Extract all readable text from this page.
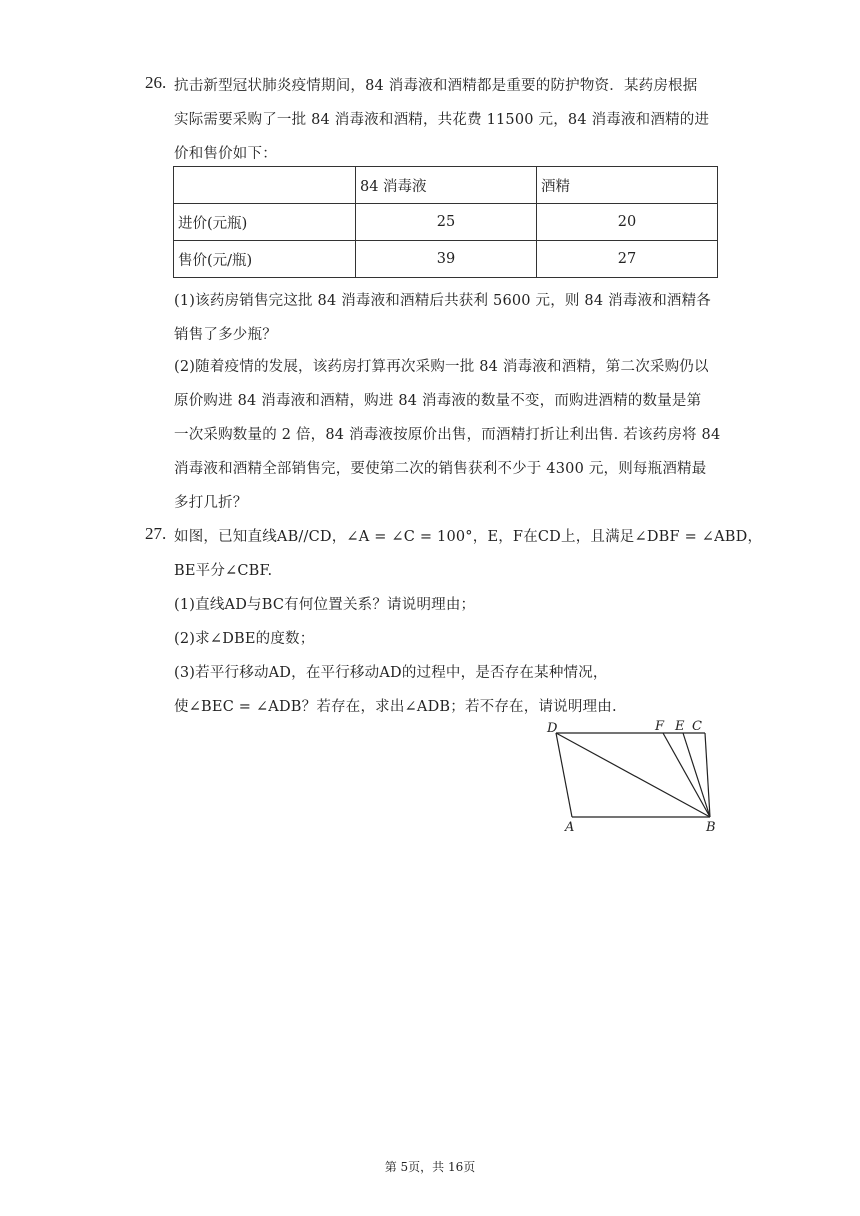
26. 抗击新型冠状肺炎疫情期间，84 消毒液和酒精都是重要的防护物资．某药房根据
实际需要采购了一批 84 消毒液和酒精，共花费 11500 元，84 消毒液和酒精的进
价和售价如下：
	84 消毒液	酒精
进价(元瓶)	25	20
售价(元/瓶)	39	27
(1)该药房销售完这批 84 消毒液和酒精后共获利 5600 元，则 84 消毒液和酒精各
销售了多少瓶？
(2)随着疫情的发展，该药房打算再次采购一批 84 消毒液和酒精，第二次采购仍以
原价购进 84 消毒液和酒精，购进 84 消毒液的数量不变，而购进酒精的数量是第
一次采购数量的 2 倍，84 消毒液按原价出售，而酒精打折让利出售. 若该药房将 84
消毒液和酒精全部销售完，要使第二次的销售获利不少于 4300 元，则每瓶酒精最
多打几折？
27. 如图，已知直线AB//CD，∠A = ∠C = 100°，E，F在CD上，且满足∠DBF = ∠ABD，
BE平分∠CBF.
(1)直线AD与BC有何位置关系？请说明理由；
(2)求∠DBE的度数；
(3)若平行移动AD，在平行移动AD的过程中，是否存在某种情况，
使∠BEC = ∠ADB？若存在，求出∠ADB；若不存在，请说明理由.
D	F E C
A	B
第 5页，共 16页
